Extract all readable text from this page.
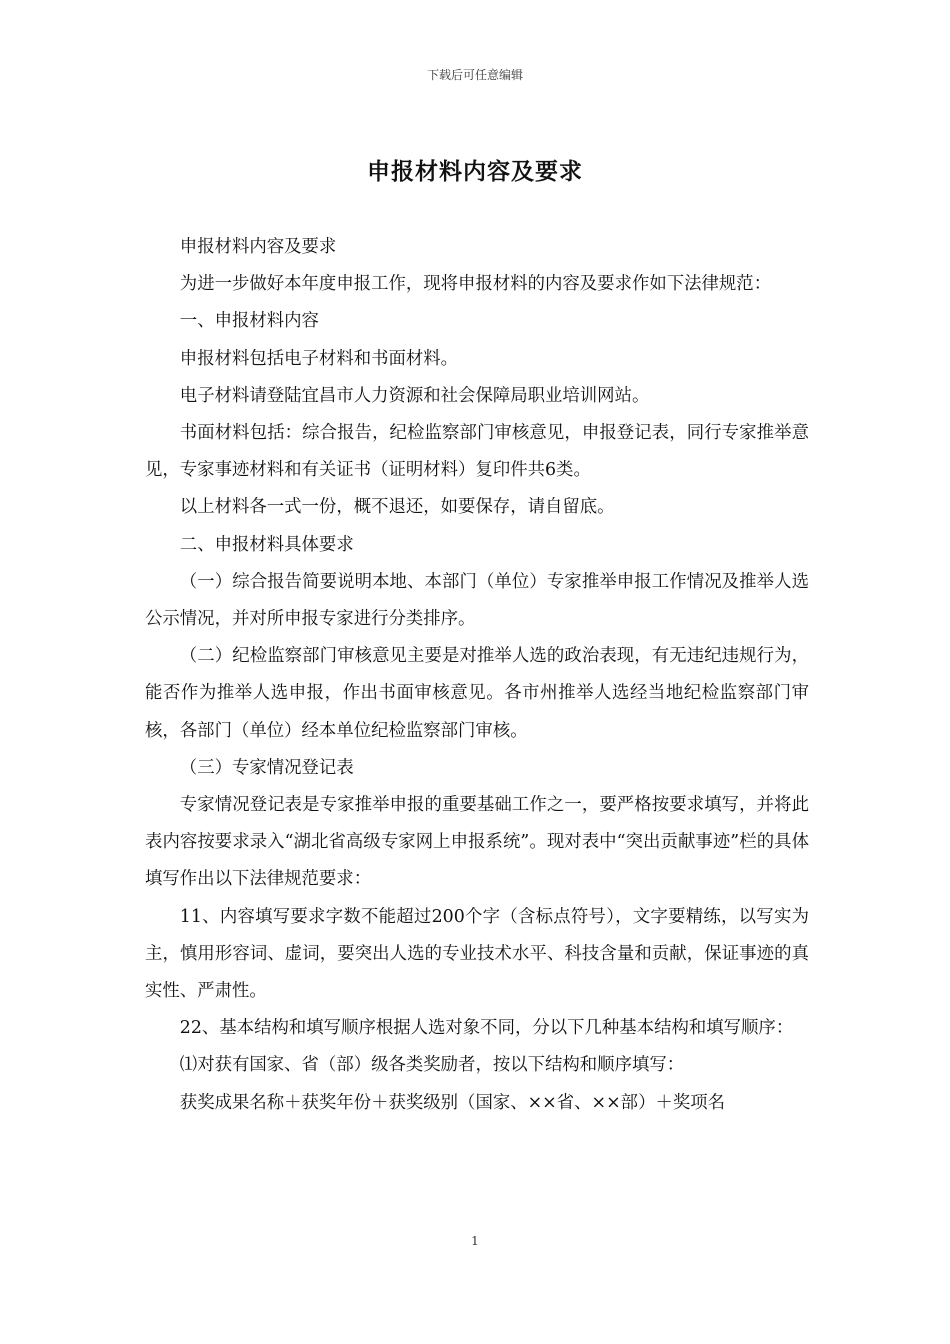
下载后可任意编辑
申报材料内容及要求

申报材料内容及要求

为进一步做好本年度申报工作，现将申报材料的内容及要求作如下法律规范：

一、申报材料内容

申报材料包括电子材料和书面材料。

电子材料请登陆宜昌市人力资源和社会保障局职业培训网站。

书面材料包括：综合报告，纪检监察部门审核意见，申报登记表，同行专家推举意见，专家事迹材料和有关证书（证明材料）复印件共6类。

以上材料各一式一份，概不退还，如要保存，请自留底。

二、申报材料具体要求

（一）综合报告简要说明本地、本部门（单位）专家推举申报工作情况及推举人选公示情况，并对所申报专家进行分类排序。

（二）纪检监察部门审核意见主要是对推举人选的政治表现，有无违纪违规行为，能否作为推举人选申报，作出书面审核意见。各市州推举人选经当地纪检监察部门审核，各部门（单位）经本单位纪检监察部门审核。

（三）专家情况登记表

专家情况登记表是专家推举申报的重要基础工作之一，要严格按要求填写，并将此表内容按要求录入“湖北省高级专家网上申报系统”。现对表中“突出贡献事迹”栏的具体填写作出以下法律规范要求：

11、内容填写要求字数不能超过200个字（含标点符号），文字要精练，以写实为主，慎用形容词、虚词，要突出人选的专业技术水平、科技含量和贡献，保证事迹的真实性、严肃性。

22、基本结构和填写顺序根据人选对象不同，分以下几种基本结构和填写顺序：

⑴对获有国家、省（部）级各类奖励者，按以下结构和顺序填写：

获奖成果名称＋获奖年份＋获奖级别（国家、××省、××部）＋奖项名

1
